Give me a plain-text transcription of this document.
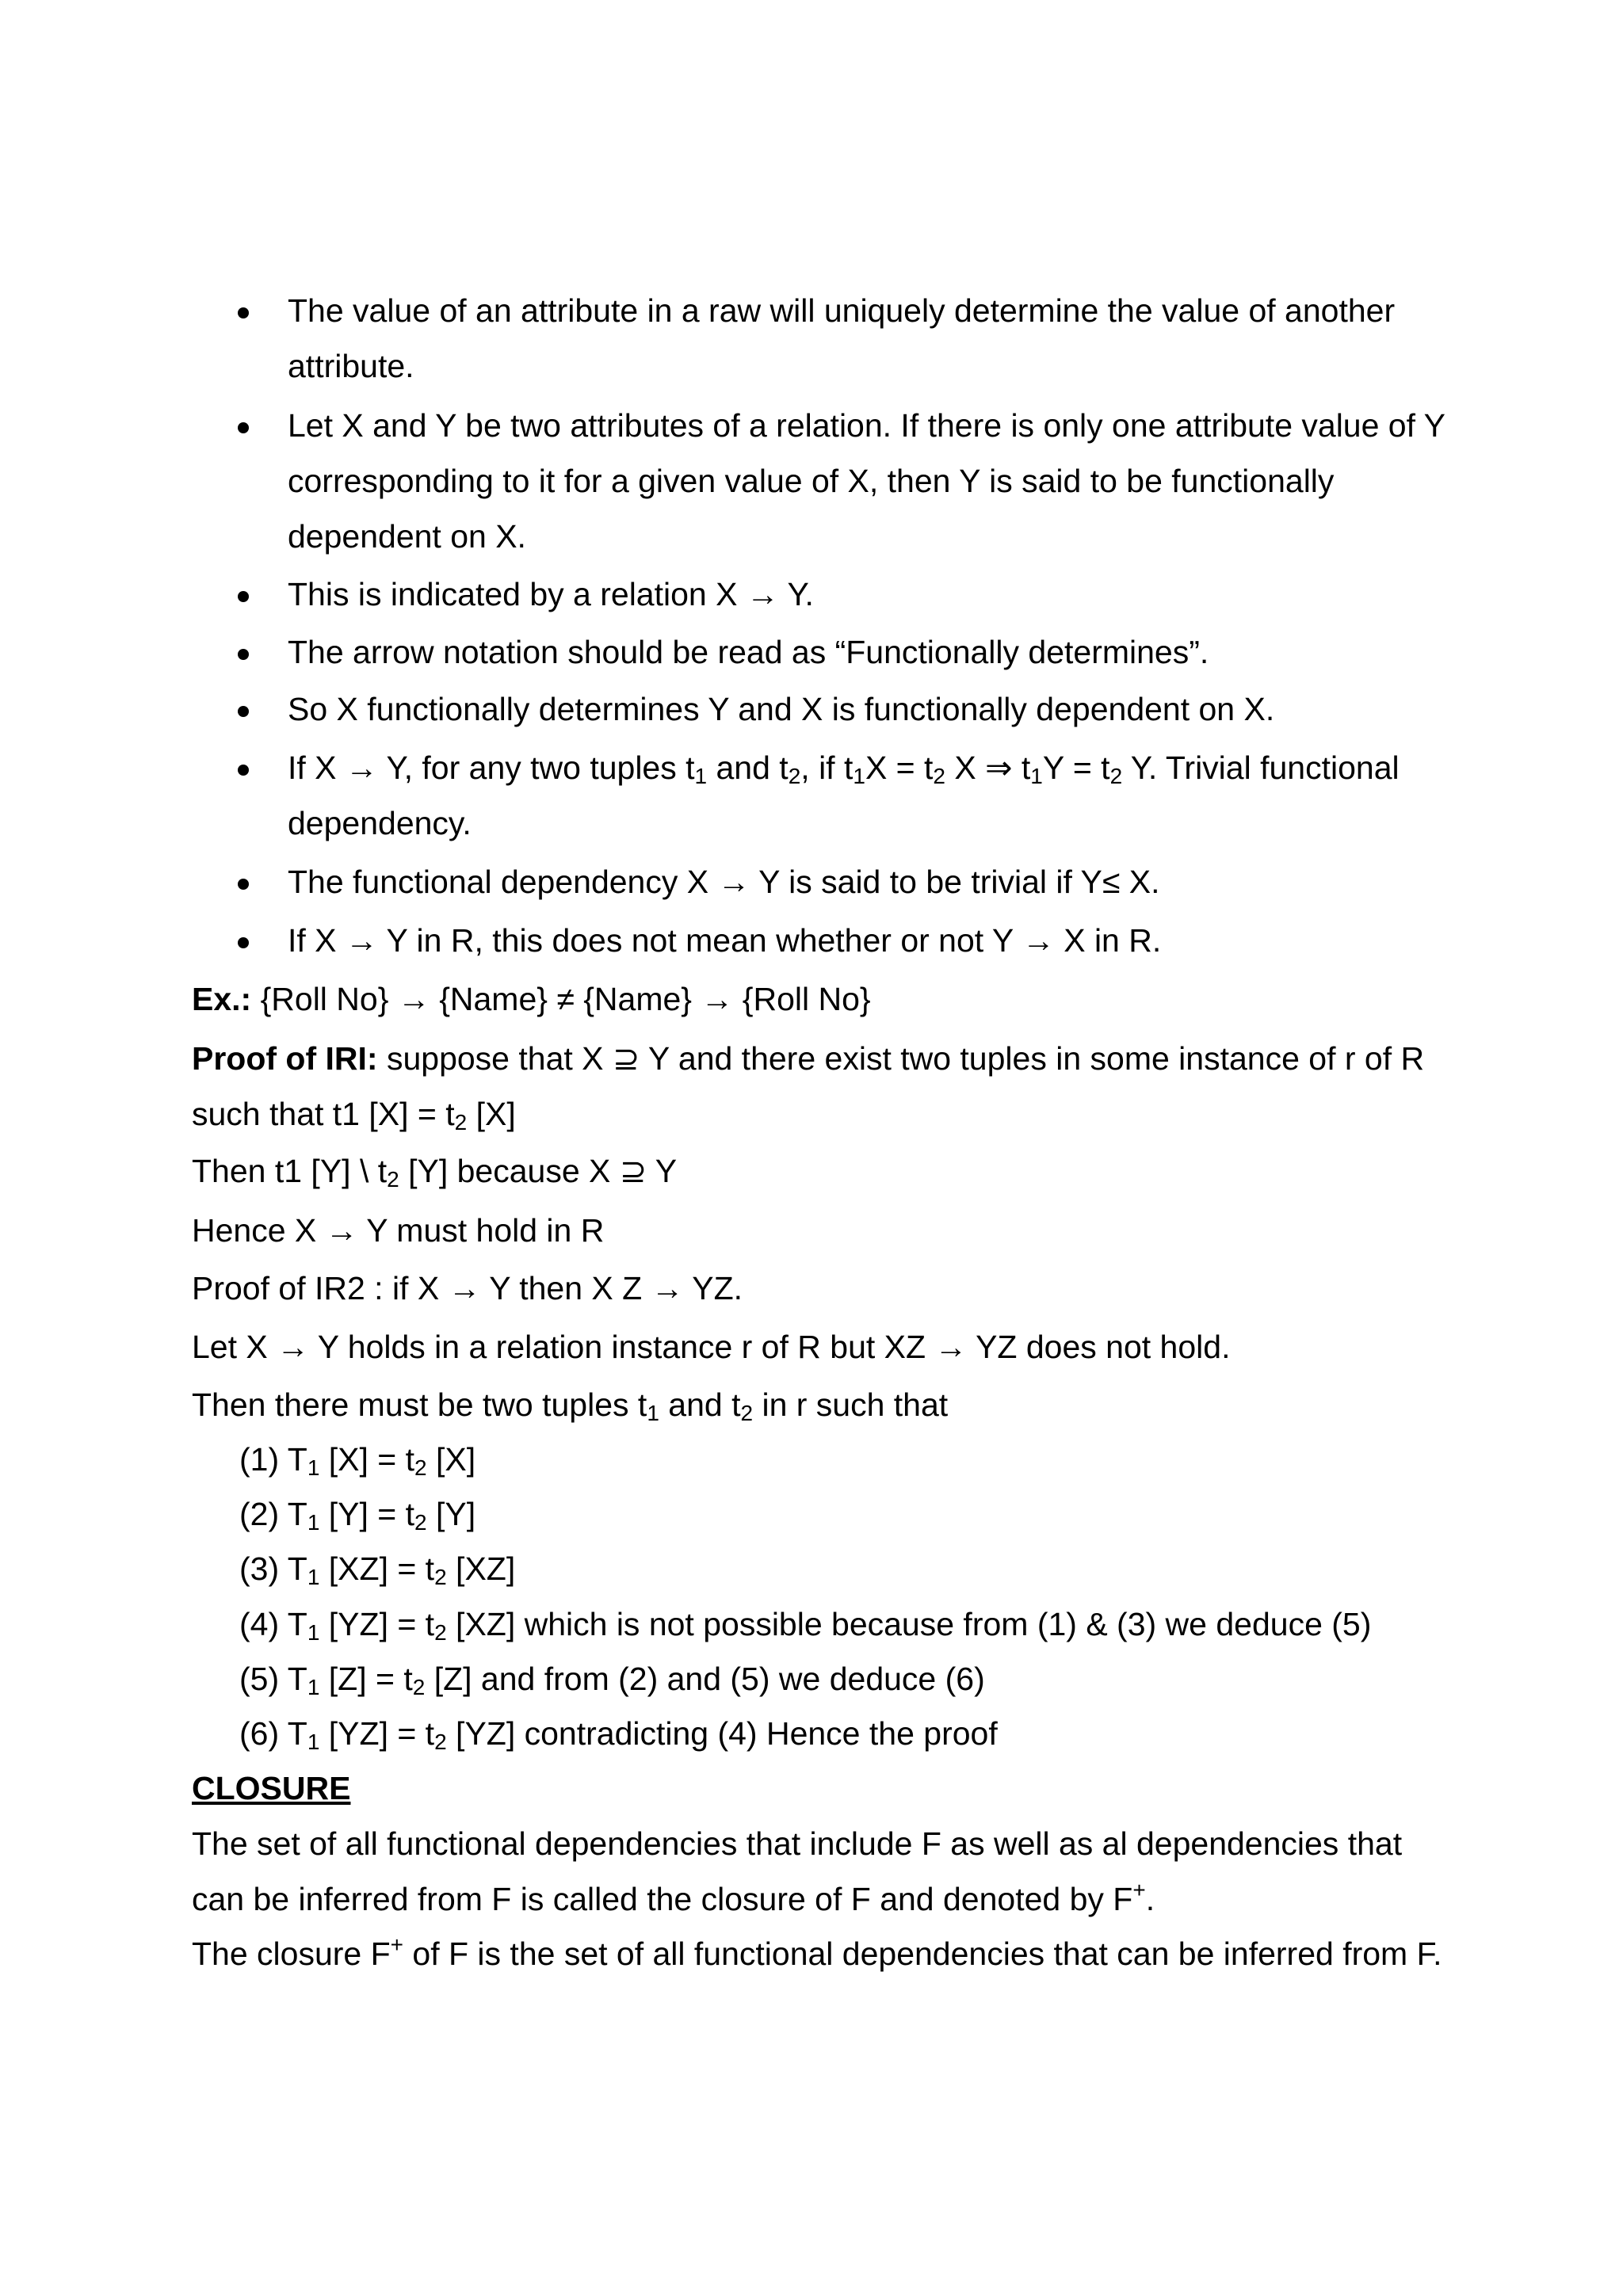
The value of an attribute in a raw will uniquely determine the value of another
attribute.
Let X and Y be two attributes of a relation. If there is only one attribute value of Y
corresponding to it for a given value of X, then Y is said to be functionally
dependent on X.
This is indicated by a relation X → Y.
The arrow notation should be read as “Functionally determines”.
So X functionally determines Y and X is functionally dependent on X.
If X → Y, for any two tuples t1 and t2, if t1X = t2 X ⇒ t1Y = t2 Y. Trivial functional
dependency.
The functional dependency X → Y is said to be trivial if Y≤ X.
If X → Y in R, this does not mean whether or not Y → X in R.
Ex.: {Roll No} → {Name} ≠ {Name} → {Roll No}
Proof of IRI: suppose that X ⊇ Y and there exist two tuples in some instance of r of R
such that t1 [X] = t2 [X]
Then t1 [Y] \ t2 [Y] because X ⊇ Y
Hence X → Y must hold in R
Proof of IR2 : if X → Y then X Z → YZ.
Let X → Y holds in a relation instance r of R but XZ → YZ does not hold.
Then there must be two tuples t1 and t2 in r such that
(1) T1 [X] = t2 [X]
(2) T1 [Y] = t2 [Y]
(3) T1 [XZ] = t2 [XZ]
(4) T1 [YZ] = t2 [XZ] which is not possible because from (1) & (3) we deduce (5)
(5) T1 [Z] = t2 [Z] and from (2) and (5) we deduce (6)
(6) T1 [YZ] = t2 [YZ] contradicting (4) Hence the proof
CLOSURE
The set of all functional dependencies that include F as well as al dependencies that
can be inferred from F is called the closure of F and denoted by F+.
The closure F+ of F is the set of all functional dependencies that can be inferred from F.
